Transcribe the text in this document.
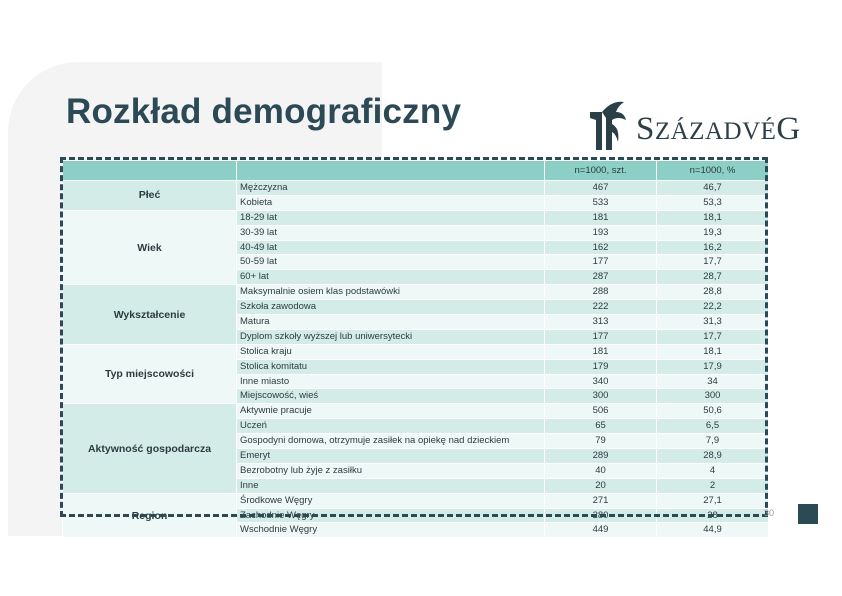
Rozkład demograficzny	SZÁZADVÉG
		n=1000, szt.	n=1000, %
Płeć	Mężczyzna	467	46,7
	Kobieta	533	53,3
Wiek	18-29 lat	181	18,1
	30-39 lat	193	19,3
	40-49 lat	162	16,2
	50-59 lat	177	17,7
	60+ lat	287	28,7
Wykształcenie	Maksymalnie osiem klas podstawówki	288	28,8
	Szkoła zawodowa	222	22,2
	Matura	313	31,3
	Dyplom szkoły wyższej lub uniwersytecki	177	17,7
Typ miejscowości	Stolica kraju	181	18,1
	Stolica komitatu	179	17,9
	Inne miasto	340	34
	Miejscowość, wieś	300	300
Aktywność gospodarcza	Aktywnie pracuje	506	50,6
	Uczeń	65	6,5
	Gospodyni domowa, otrzymuje zasiłek na opiekę nad dzieckiem	79	7,9
	Emeryt	289	28,9
	Bezrobotny lub żyje z zasiłku	40	4
	Inne	20	2
Region	Środkowe Węgry	271	27,1
	Zachodnie Węgry	280	28
	Wschodnie Węgry	449	44,9
30
